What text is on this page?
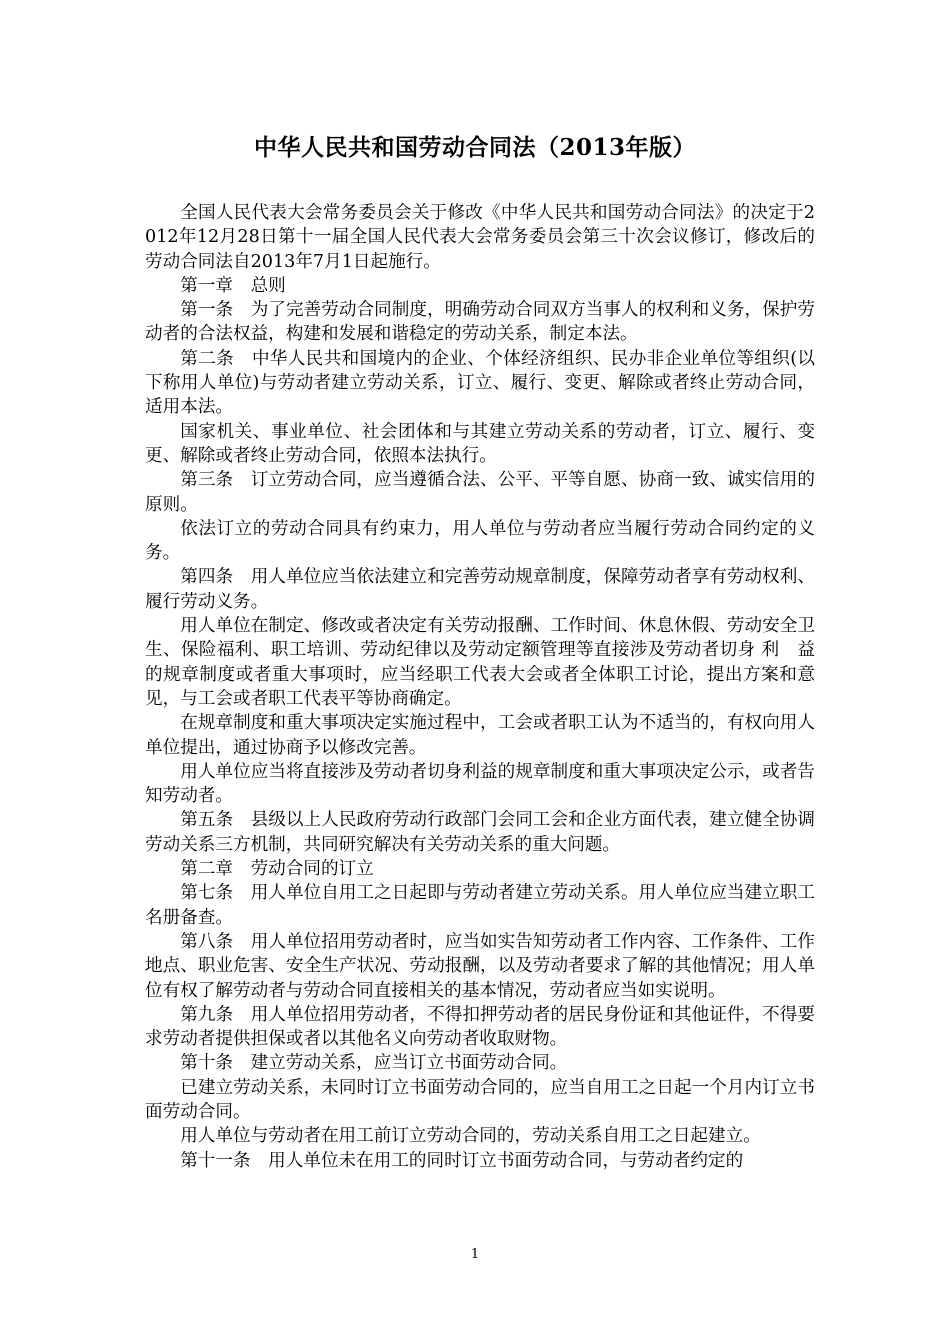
中华人民共和国劳动合同法（2013年版）

全国人民代表大会常务委员会关于修改《中华人民共和国劳动合同法》的决定于2012年12月28日第十一届全国人民代表大会常务委员会第三十次会议修订，修改后的劳动合同法自2013年7月1日起施行。

第一章　总则

第一条　为了完善劳动合同制度，明确劳动合同双方当事人的权利和义务，保护劳动者的合法权益，构建和发展和谐稳定的劳动关系，制定本法。

第二条　中华人民共和国境内的企业、个体经济组织、民办非企业单位等组织(以下称用人单位)与劳动者建立劳动关系，订立、履行、变更、解除或者终止劳动合同，适用本法。

国家机关、事业单位、社会团体和与其建立劳动关系的劳动者，订立、履行、变更、解除或者终止劳动合同，依照本法执行。

第三条　订立劳动合同，应当遵循合法、公平、平等自愿、协商一致、诚实信用的原则。

依法订立的劳动合同具有约束力，用人单位与劳动者应当履行劳动合同约定的义务。

第四条　用人单位应当依法建立和完善劳动规章制度，保障劳动者享有劳动权利、履行劳动义务。

用人单位在制定、修改或者决定有关劳动报酬、工作时间、休息休假、劳动安全卫生、保险福利、职工培训、劳动纪律以及劳动定额管理等直接涉及劳动者切身 利　益的规章制度或者重大事项时，应当经职工代表大会或者全体职工讨论，提出方案和意见，与工会或者职工代表平等协商确定。

在规章制度和重大事项决定实施过程中，工会或者职工认为不适当的，有权向用人单位提出，通过协商予以修改完善。

用人单位应当将直接涉及劳动者切身利益的规章制度和重大事项决定公示，或者告知劳动者。

第五条　县级以上人民政府劳动行政部门会同工会和企业方面代表，建立健全协调劳动关系三方机制，共同研究解决有关劳动关系的重大问题。

第二章　劳动合同的订立

第七条　用人单位自用工之日起即与劳动者建立劳动关系。用人单位应当建立职工名册备查。

第八条　用人单位招用劳动者时，应当如实告知劳动者工作内容、工作条件、工作地点、职业危害、安全生产状况、劳动报酬，以及劳动者要求了解的其他情况；用人单位有权了解劳动者与劳动合同直接相关的基本情况，劳动者应当如实说明。

第九条　用人单位招用劳动者，不得扣押劳动者的居民身份证和其他证件，不得要求劳动者提供担保或者以其他名义向劳动者收取财物。

第十条　建立劳动关系，应当订立书面劳动合同。

已建立劳动关系，未同时订立书面劳动合同的，应当自用工之日起一个月内订立书面劳动合同。

用人单位与劳动者在用工前订立劳动合同的，劳动关系自用工之日起建立。

第十一条　用人单位未在用工的同时订立书面劳动合同，与劳动者约定的

1
